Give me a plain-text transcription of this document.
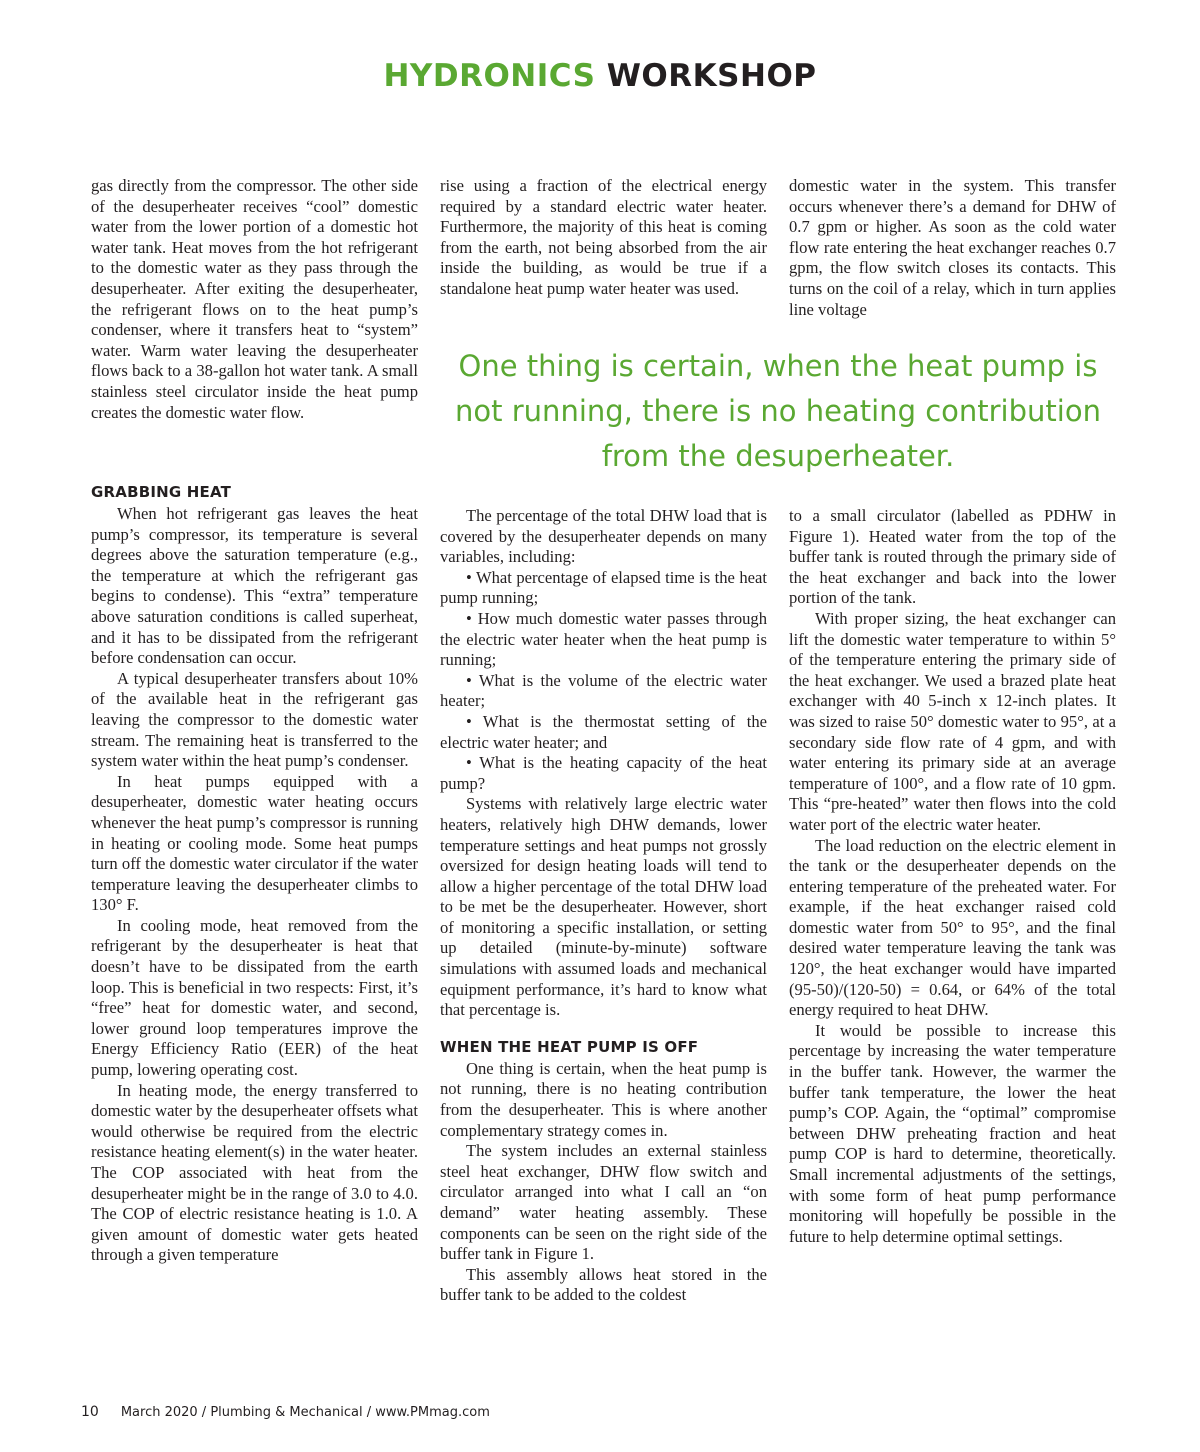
HYDRONICS WORKSHOP

gas directly from the compressor. The other side of the desuperheater receives “cool” domestic water from the lower portion of a domestic hot water tank. Heat moves from the hot refrigerant to the domestic water as they pass through the desuperheater. After exiting the desuperheater, the refrigerant flows on to the heat pump’s condenser, where it transfers heat to “system” water. Warm water leaving the desuperheater flows back to a 38-gallon hot water tank. A small stainless steel circulator inside the heat pump creates the domestic water flow.

rise using a fraction of the electrical energy required by a standard electric water heater. Furthermore, the majority of this heat is coming from the earth, not being absorbed from the air inside the building, as would be true if a standalone heat pump water heater was used.

domestic water in the system. This transfer occurs whenever there’s a demand for DHW of 0.7 gpm or higher. As soon as the cold water flow rate entering the heat exchanger reaches 0.7 gpm, the flow switch closes its contacts. This turns on the coil of a relay, which in turn applies line voltage

One thing is certain, when the heat pump is not running, there is no heating contribution from the desuperheater.
GRABBING HEAT

When hot refrigerant gas leaves the heat pump’s compressor, its temperature is several degrees above the saturation temperature (e.g., the temperature at which the refrigerant gas begins to condense). This “extra” temperature above saturation conditions is called superheat, and it has to be dissipated from the refrigerant before condensation can occur.

A typical desuperheater transfers about 10% of the available heat in the refrigerant gas leaving the compressor to the domestic water stream. The remaining heat is transferred to the system water within the heat pump’s condenser.

In heat pumps equipped with a desuperheater, domestic water heating occurs whenever the heat pump’s compressor is running in heating or cooling mode. Some heat pumps turn off the domestic water circulator if the water temperature leaving the desuperheater climbs to 130° F.

In cooling mode, heat removed from the refrigerant by the desuperheater is heat that doesn’t have to be dissipated from the earth loop. This is beneficial in two respects: First, it’s “free” heat for domestic water, and second, lower ground loop temperatures improve the Energy Efficiency Ratio (EER) of the heat pump, lowering operating cost.

In heating mode, the energy transferred to domestic water by the desuperheater offsets what would otherwise be required from the electric resistance heating element(s) in the water heater. The COP associated with heat from the desuperheater might be in the range of 3.0 to 4.0. The COP of electric resistance heating is 1.0. A given amount of domestic water gets heated through a given temperature

The percentage of the total DHW load that is covered by the desuperheater depends on many variables, including:

• What percentage of elapsed time is the heat pump running;

• How much domestic water passes through the electric water heater when the heat pump is running;

• What is the volume of the electric water heater;

• What is the thermostat setting of the electric water heater; and

• What is the heating capacity of the heat pump?

Systems with relatively large electric water heaters, relatively high DHW demands, lower temperature settings and heat pumps not grossly oversized for design heating loads will tend to allow a higher percentage of the total DHW load to be met be the desuperheater. However, short of monitoring a specific installation, or setting up detailed (minute-by-minute) software simulations with assumed loads and mechanical equipment performance, it’s hard to know what that percentage is.

WHEN THE HEAT PUMP IS OFF

One thing is certain, when the heat pump is not running, there is no heating contribution from the desuperheater. This is where another complementary strategy comes in.

The system includes an external stainless steel heat exchanger, DHW flow switch and circulator arranged into what I call an “on demand” water heating assembly. These components can be seen on the right side of the buffer tank in Figure 1.

This assembly allows heat stored in the buffer tank to be added to the coldest

to a small circulator (labelled as PDHW in Figure 1). Heated water from the top of the buffer tank is routed through the primary side of the heat exchanger and back into the lower portion of the tank.

With proper sizing, the heat exchanger can lift the domestic water temperature to within 5° of the temperature entering the primary side of the heat exchanger. We used a brazed plate heat exchanger with 40 5-inch x 12-inch plates. It was sized to raise 50° domestic water to 95°, at a secondary side flow rate of 4 gpm, and with water entering its primary side at an average temperature of 100°, and a flow rate of 10 gpm. This “pre-heated” water then flows into the cold water port of the electric water heater.

The load reduction on the electric element in the tank or the desuperheater depends on the entering temperature of the preheated water. For example, if the heat exchanger raised cold domestic water from 50° to 95°, and the final desired water temperature leaving the tank was 120°, the heat exchanger would have imparted (95-50)/(120-50) = 0.64, or 64% of the total energy required to heat DHW.

It would be possible to increase this percentage by increasing the water temperature in the buffer tank. However, the warmer the buffer tank temperature, the lower the heat pump’s COP. Again, the “optimal” compromise between DHW preheating fraction and heat pump COP is hard to determine, theoretically. Small incremental adjustments of the settings, with some form of heat pump performance monitoring will hopefully be possible in the future to help determine optimal settings.

10 March 2020 / Plumbing & Mechanical / www.PMmag.com
